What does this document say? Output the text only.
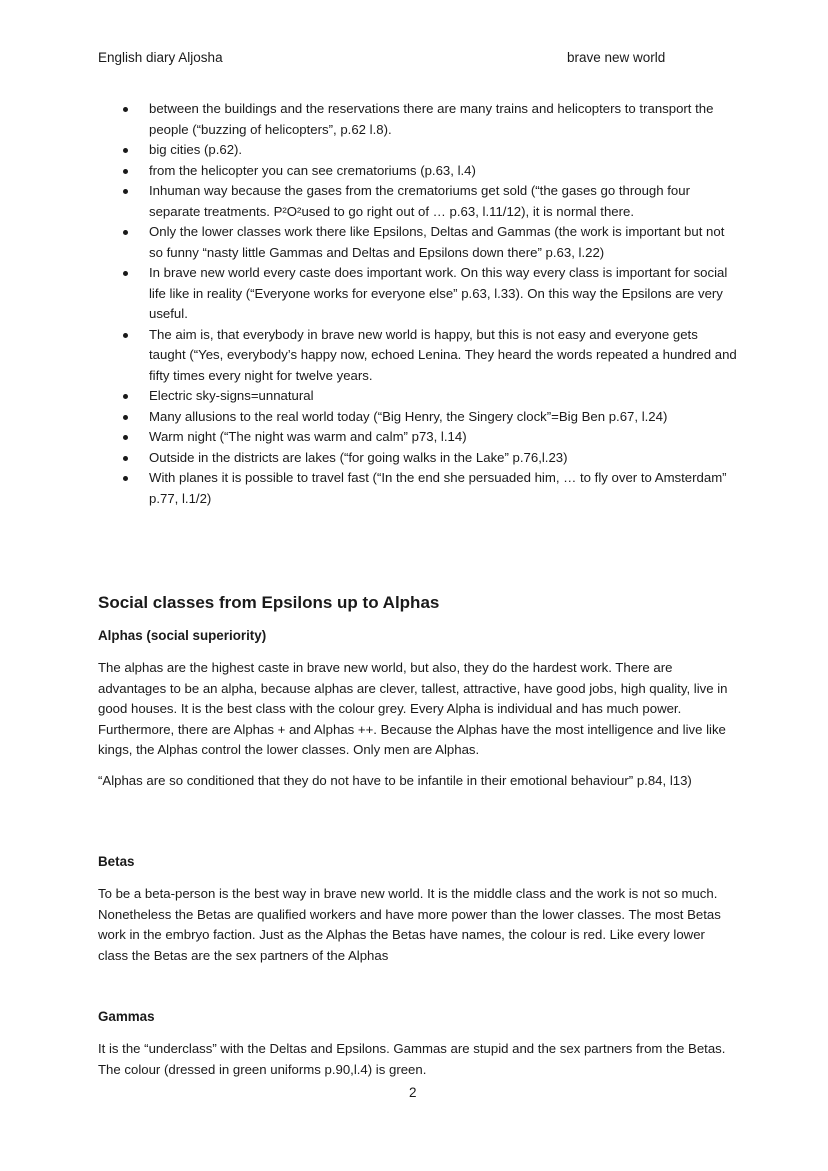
English diary Aljosha	brave new world
between the buildings and the reservations there are many trains and helicopters to transport the people (“buzzing of helicopters”, p.62 l.8).
big cities (p.62).
from the helicopter you can see crematoriums (p.63, l.4)
Inhuman way because the gases from the crematoriums get sold (“the gases go through four separate treatments. P²O²used to go right out of … p.63, l.11/12), it is normal there.
Only the lower classes work there like Epsilons, Deltas and Gammas (the work is important but not so funny “nasty little Gammas and Deltas and Epsilons down there” p.63, l.22)
In brave new world every caste does important work. On this way every class is important for social life like in reality (“Everyone works for everyone else” p.63, l.33). On this way the Epsilons are very useful.
The aim is, that everybody in brave new world is happy, but this is not easy and everyone gets taught (“Yes, everybody’s happy now, echoed Lenina. They heard the words repeated a hundred and fifty times every night for twelve years.
Electric sky-signs=unnatural
Many allusions to the real world today (“Big Henry, the Singery clock”=Big Ben p.67, l.24)
Warm night (“The night was warm and calm” p73, l.14)
Outside in the districts are lakes (“for going walks in the Lake” p.76,l.23)
With planes it is possible to travel fast (“In the end she persuaded him, … to fly over to Amsterdam” p.77, l.1/2)
Social classes from Epsilons up to Alphas
Alphas (social superiority)

The alphas are the highest caste in brave new world, but also, they do the hardest work. There are advantages to be an alpha, because alphas are clever, tallest, attractive, have good jobs, high quality, live in good houses. It is the best class with the colour grey. Every Alpha is individual and has much power. Furthermore, there are Alphas + and Alphas ++. Because the Alphas have the most intelligence and live like kings, the Alphas control the lower classes. Only men are Alphas.

“Alphas are so conditioned that they do not have to be infantile in their emotional behaviour” p.84, l13)

Betas

To be a beta-person is the best way in brave new world. It is the middle class and the work is not so much. Nonetheless the Betas are qualified workers and have more power than the lower classes. The most Betas work in the embryo faction. Just as the Alphas the Betas have names, the colour is red. Like every lower class the Betas are the sex partners of the Alphas

Gammas

It is the “underclass” with the Deltas and Epsilons. Gammas are stupid and the sex partners from the Betas. The colour (dressed in green uniforms p.90,l.4) is green.

2
